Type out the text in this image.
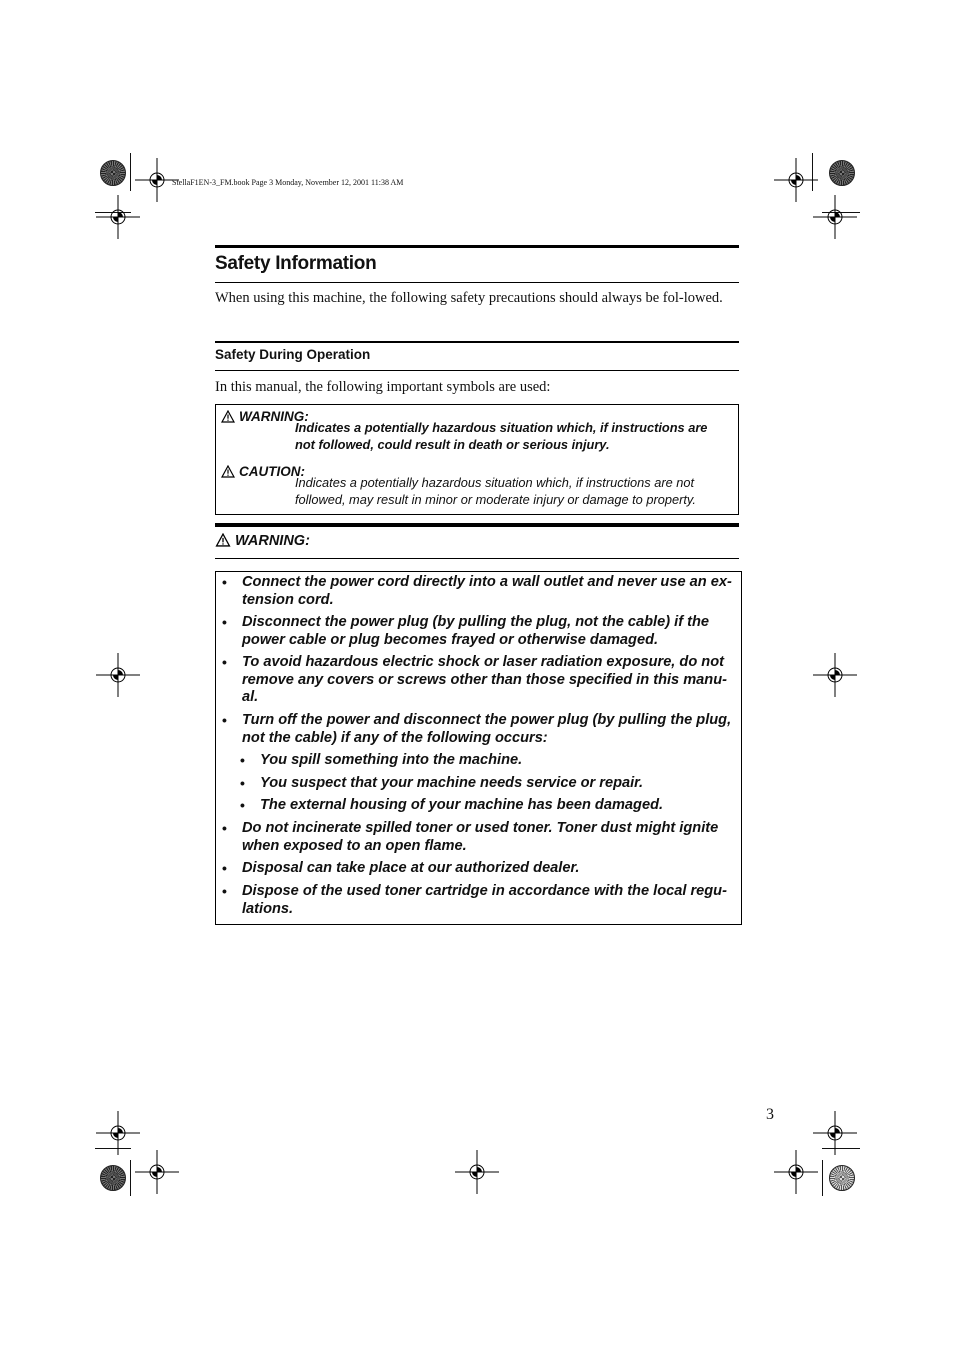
StellaF1EN-3_FM.book Page 3 Monday, November 12, 2001 11:38 AM
Safety Information
When using this machine, the following safety precautions should always be fol-lowed.
Safety During Operation
In this manual, the following important symbols are used:
WARNING:
Indicates a potentially hazardous situation which, if instructions are not followed, could result in death or serious injury.
CAUTION:
Indicates a potentially hazardous situation which, if instructions are not followed, may result in minor or moderate injury or damage to property.
WARNING:
• Connect the power cord directly into a wall outlet and never use an ex-tension cord.
• Disconnect the power plug (by pulling the plug, not the cable) if the power cable or plug becomes frayed or otherwise damaged.
• To avoid hazardous electric shock or laser radiation exposure, do not remove any covers or screws other than those specified in this manu-al.
• Turn off the power and disconnect the power plug (by pulling the plug, not the cable) if any of the following occurs:
• You spill something into the machine.
• You suspect that your machine needs service or repair.
• The external housing of your machine has been damaged.
• Do not incinerate spilled toner or used toner. Toner dust might ignite when exposed to an open flame.
• Disposal can take place at our authorized dealer.
• Dispose of the used toner cartridge in accordance with the local regu-lations.
3
